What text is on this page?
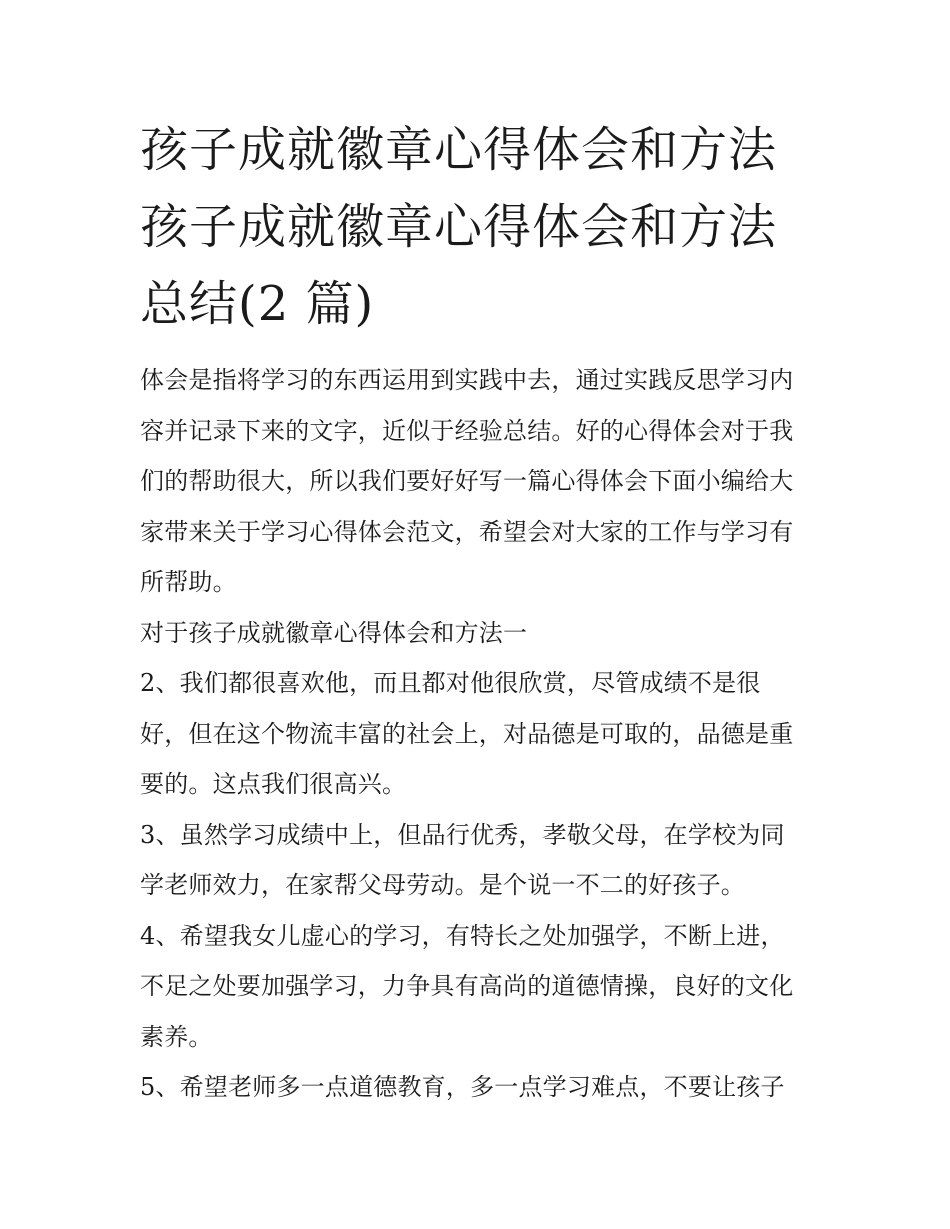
孩子成就徽章心得体会和方法
孩子成就徽章心得体会和方法
总结(2 篇)

体会是指将学习的东西运用到实践中去，通过实践反思学习内
容并记录下来的文字，近似于经验总结。好的心得体会对于我
们的帮助很大，所以我们要好好写一篇心得体会下面小编给大
家带来关于学习心得体会范文，希望会对大家的工作与学习有
所帮助。

对于孩子成就徽章心得体会和方法一

2、我们都很喜欢他，而且都对他很欣赏，尽管成绩不是很
好，但在这个物流丰富的社会上，对品德是可取的，品德是重
要的。这点我们很高兴。

3、虽然学习成绩中上，但品行优秀，孝敬父母，在学校为同
学老师效力，在家帮父母劳动。是个说一不二的好孩子。

4、希望我女儿虚心的学习，有特长之处加强学，不断上进，
不足之处要加强学习，力争具有高尚的道德情操，良好的文化
素养。

5、希望老师多一点道德教育，多一点学习难点，不要让孩子
